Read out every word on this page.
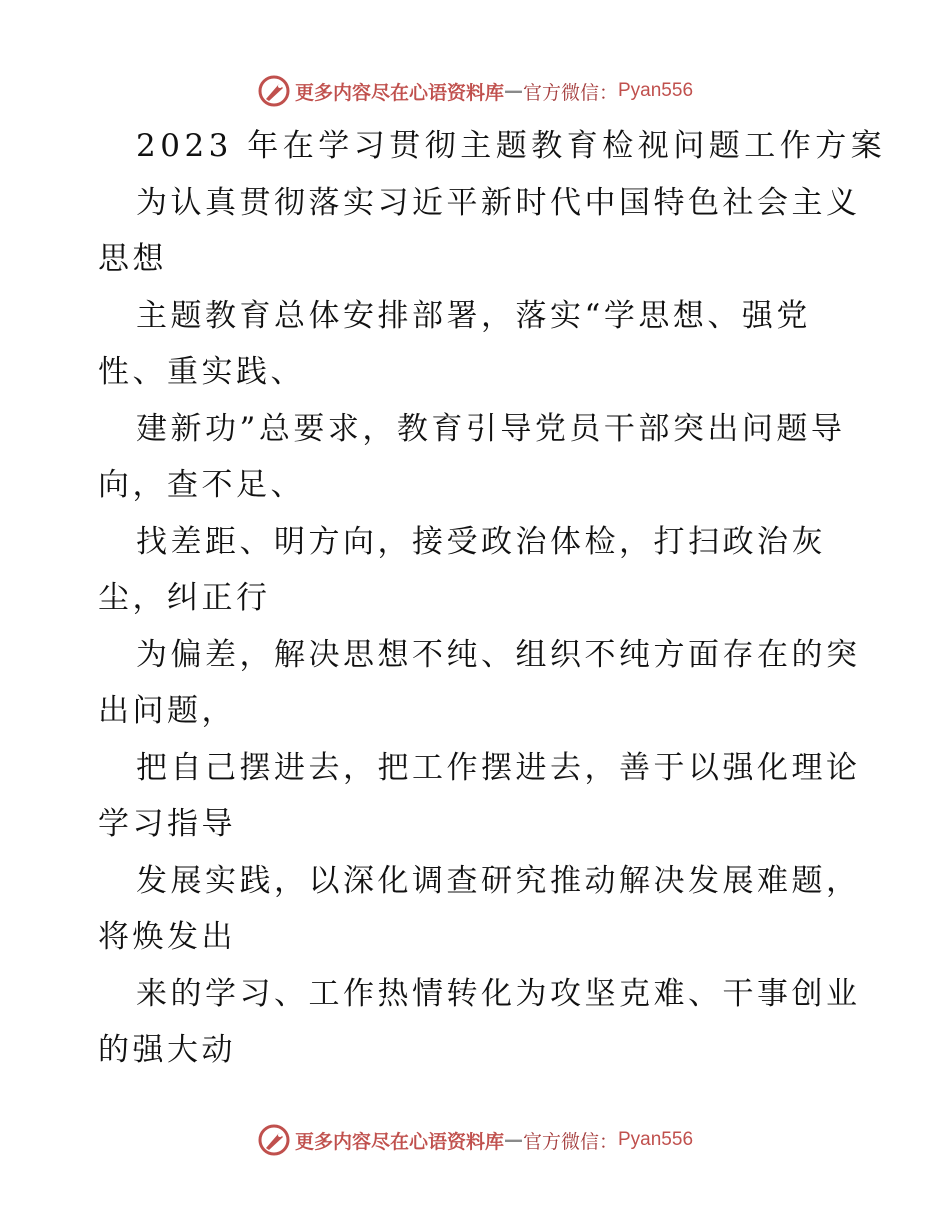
更多内容尽在心语资料库 — 官方微信： Pyan556
2023 年在学习贯彻主题教育检视问题工作方案
为认真贯彻落实习近平新时代中国特色社会主义
思想
主题教育总体安排部署，落实“学思想、强党
性、重实践、
建新功”总要求，教育引导党员干部突出问题导
向，查不足、
找差距、明方向，接受政治体检，打扫政治灰
尘，纠正行
为偏差，解决思想不纯、组织不纯方面存在的突
出问题，
把自己摆进去，把工作摆进去，善于以强化理论
学习指导
发展实践，以深化调查研究推动解决发展难题，
将焕发出
来的学习、工作热情转化为攻坚克难、干事创业
的强大动
更多内容尽在心语资料库 — 官方微信： Pyan556
